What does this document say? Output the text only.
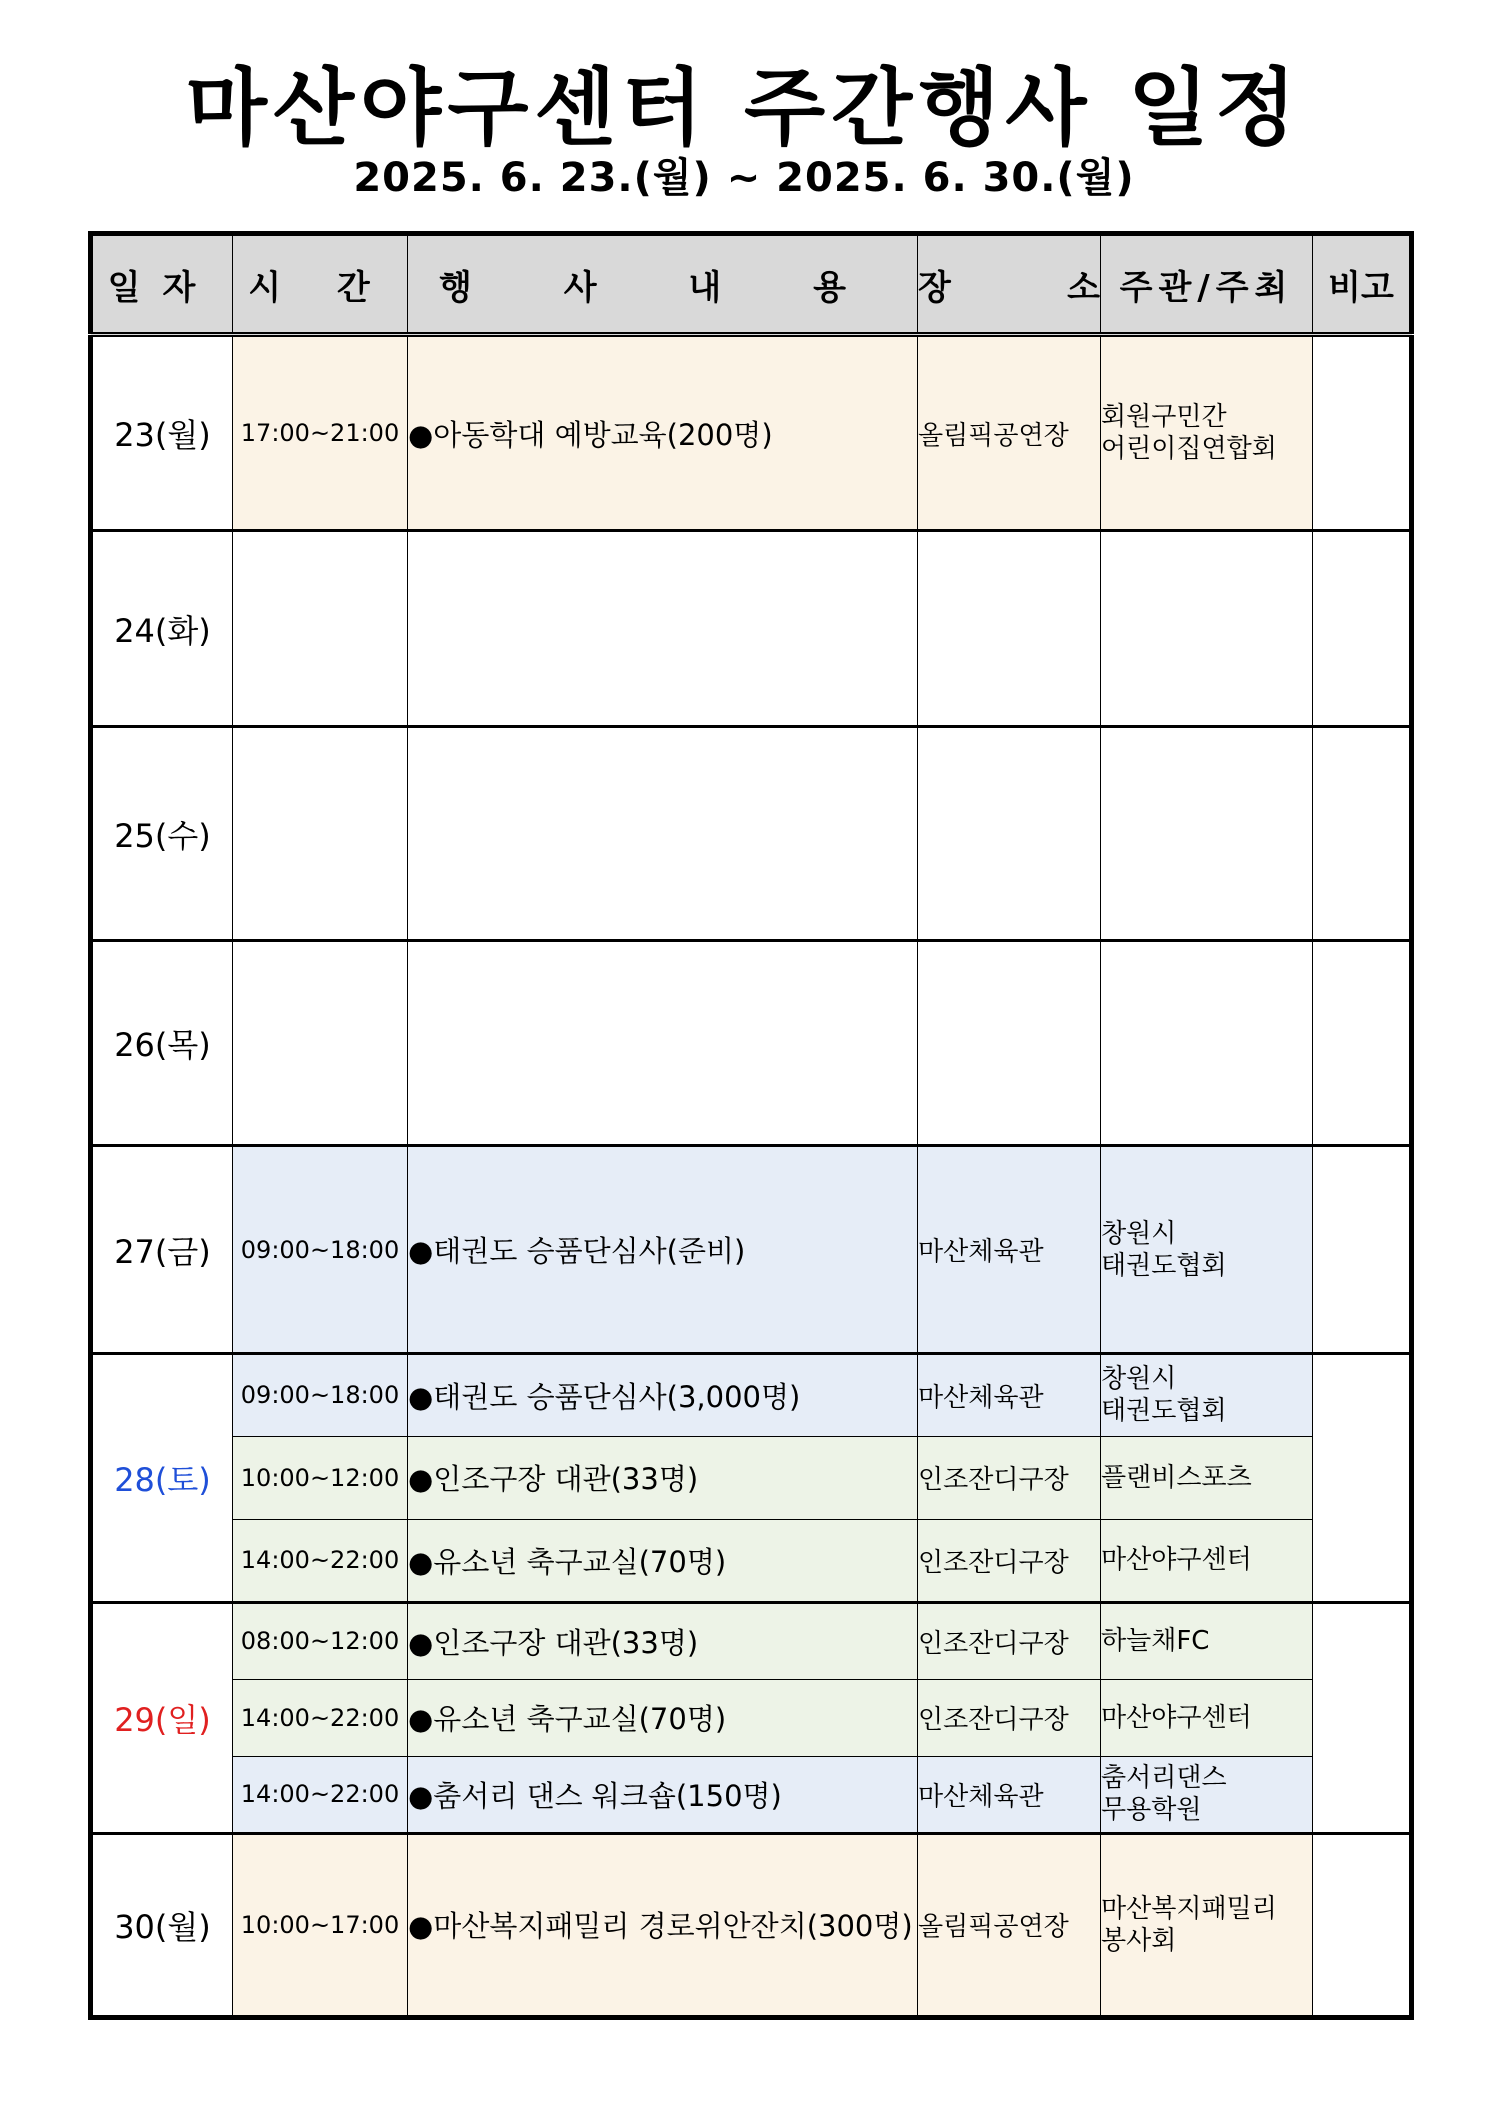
마산야구센터 주간행사 일정
2025. 6. 23.(월) ~ 2025. 6. 30.(월)
일자	시 간	행 사 내 용	장 소	주관/주최	비고
23(월)	17:00~21:00	●아동학대 예방교육(200명)	올림픽공연장	회원구민간
어린이집연합회	

24(화)					
25(수)					
26(목)					
27(금)	09:00~18:00	●태권도 승품단심사(준비)	마산체육관	창원시
태권도협회	

28(토)	09:00~18:00	●태권도 승품단심사(3,000명)	마산체육관	창원시
태권도협회	

	10:00~12:00	●인조구장 대관(33명)	인조잔디구장	플랜비스포츠	

	14:00~22:00	●유소년 축구교실(70명)	인조잔디구장	마산야구센터	

29(일)	08:00~12:00	●인조구장 대관(33명)	인조잔디구장	하늘채FC	

	14:00~22:00	●유소년 축구교실(70명)	인조잔디구장	마산야구센터	

	14:00~22:00	●춤서리 댄스 워크숍(150명)	마산체육관	춤서리댄스
무용학원	

30(월)	10:00~17:00	●마산복지패밀리 경로위안잔치(300명)	올림픽공연장	마산복지패밀리
봉사회	
